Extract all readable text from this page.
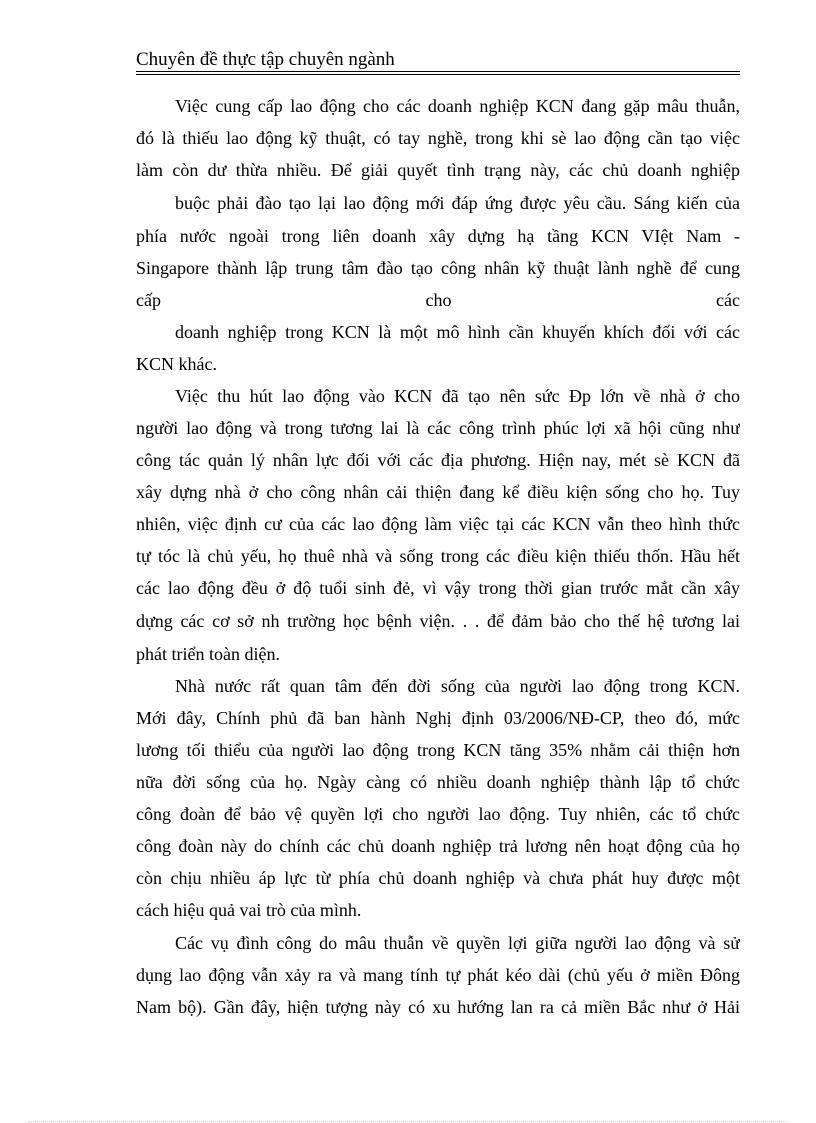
Chuyên đề thực tập chuyên ngành
Việc cung cấp lao động cho các doanh nghiệp KCN đang gặp mâu thuẫn,
đó là thiếu lao động kỹ thuật, có tay nghề, trong khi sè lao động cần tạo việc
làm còn dư thừa nhiều. Để giải quyết tình trạng này, các chủ doanh nghiệp
buộc phải đào tạo lại lao động mới đáp ứng được yêu cầu. Sáng kiến của
phía nước ngoài trong liên doanh xây dựng hạ tầng KCN VIệt Nam -
Singapore thành lập trung tâm đào tạo công nhân kỹ thuật lành nghề để cung
cấp cho các
doanh nghiệp trong KCN là một mô hình cần khuyến khích đối với các
KCN khác.
Việc thu hút lao động vào KCN đã tạo nên sức Ðp lớn về nhà ở cho
người lao động và trong tương lai là các công trình phúc lợi xã hội cũng như
công tác quản lý nhân lực đối với các địa phương. Hiện nay, mét sè KCN đã
xây dựng nhà ở cho công nhân cải thiện đang kể điều kiện sống cho họ. Tuy
nhiên, việc định cư của các lao động làm việc tại các KCN vẫn theo hình thức
tự tóc là chủ yếu, họ thuê nhà và sống trong các điều kiện thiếu thốn. Hầu hết
các lao động đều ở độ tuổi sinh đẻ, vì vậy trong thời gian trước mắt cần xây
dựng các cơ sở nh trường học bệnh viện. . . để đảm bảo cho thế hệ tương lai
phát triển toàn diện.
Nhà nước rất quan tâm đến đời sống của người lao động trong KCN.
Mới đây, Chính phủ đã ban hành Nghị định 03/2006/NĐ-CP, theo đó, mức
lương tối thiểu của người lao động trong KCN tăng 35% nhằm cải thiện hơn
nữa đời sống của họ. Ngày càng có nhiều doanh nghiệp thành lập tổ chức
công đoàn để bảo vệ quyền lợi cho người lao động. Tuy nhiên, các tổ chức
công đoàn này do chính các chủ doanh nghiệp trả lương nên hoạt động của họ
còn chịu nhiều áp lực từ phía chủ doanh nghiệp và chưa phát huy được một
cách hiệu quả vai trò của mình.
Các vụ đình công do mâu thuẫn về quyền lợi giữa người lao động và sử
dụng lao động vẫn xảy ra và mang tính tự phát kéo dài (chủ yếu ở miền Đông
Nam bộ). Gần đây, hiện tượng này có xu hướng lan ra cả miền Bắc như ở Hải
